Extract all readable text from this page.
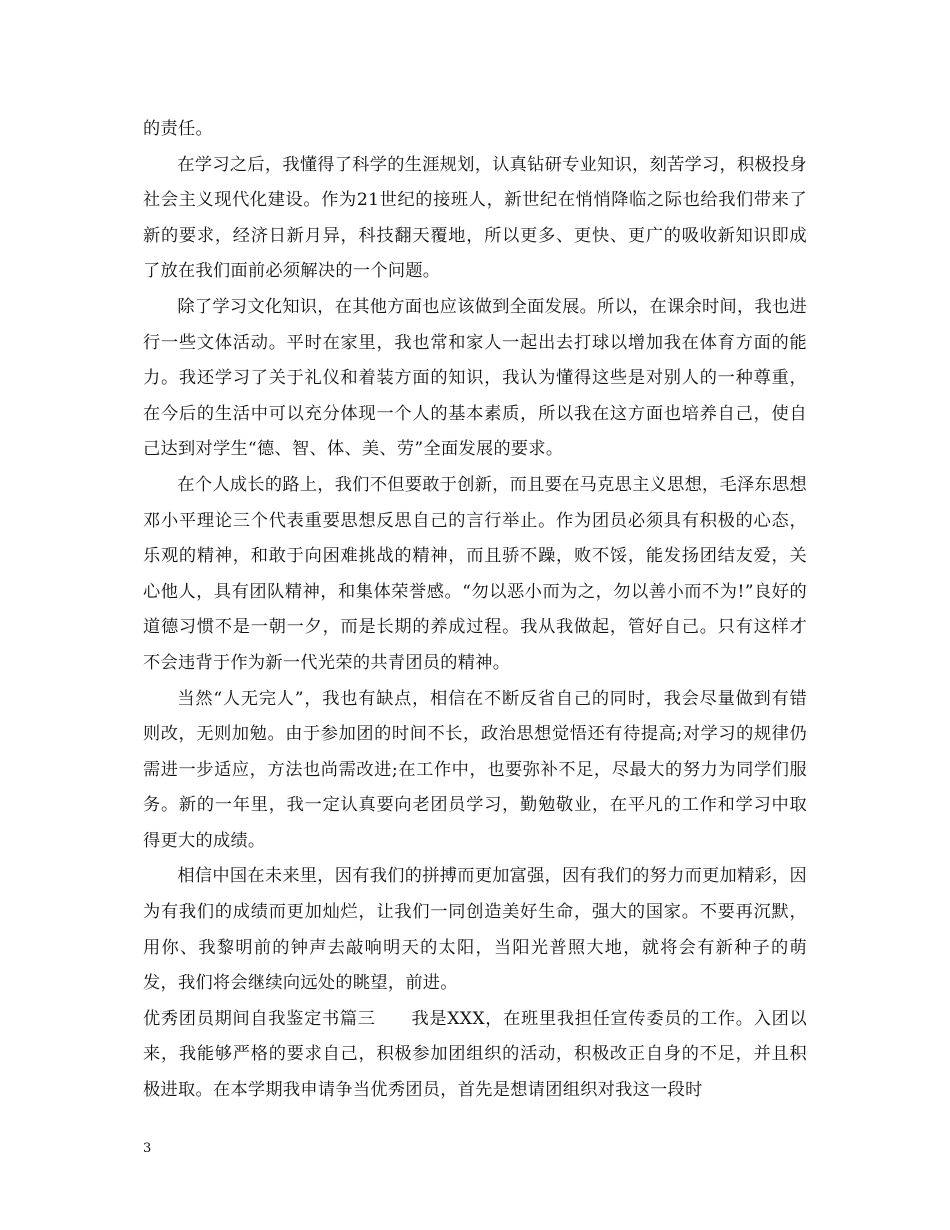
的责任。

在学习之后，我懂得了科学的生涯规划，认真钻研专业知识，刻苦学习，积极投身社会主义现代化建设。作为21世纪的接班人，新世纪在悄悄降临之际也给我们带来了新的要求，经济日新月异，科技翻天覆地，所以更多、更快、更广的吸收新知识即成了放在我们面前必须解决的一个问题。

除了学习文化知识，在其他方面也应该做到全面发展。所以，在课余时间，我也进行一些文体活动。平时在家里，我也常和家人一起出去打球以增加我在体育方面的能力。我还学习了关于礼仪和着装方面的知识，我认为懂得这些是对别人的一种尊重，在今后的生活中可以充分体现一个人的基本素质，所以我在这方面也培养自己，使自己达到对学生“德、智、体、美、劳”全面发展的要求。

在个人成长的路上，我们不但要敢于创新，而且要在马克思主义思想，毛泽东思想邓小平理论三个代表重要思想反思自己的言行举止。作为团员必须具有积极的心态，乐观的精神，和敢于向困难挑战的精神，而且骄不躁，败不馁，能发扬团结友爱，关心他人，具有团队精神，和集体荣誉感。“勿以恶小而为之，勿以善小而不为!”良好的道德习惯不是一朝一夕，而是长期的养成过程。我从我做起，管好自己。只有这样才不会违背于作为新一代光荣的共青团员的精神。

当然“人无完人”，我也有缺点，相信在不断反省自己的同时，我会尽量做到有错则改，无则加勉。由于参加团的时间不长，政治思想觉悟还有待提高;对学习的规律仍需进一步适应，方法也尚需改进;在工作中，也要弥补不足，尽最大的努力为同学们服务。新的一年里，我一定认真要向老团员学习，勤勉敬业，在平凡的工作和学习中取得更大的成绩。

相信中国在未来里，因有我们的拼搏而更加富强，因有我们的努力而更加精彩，因为有我们的成绩而更加灿烂，让我们一同创造美好生命，强大的国家。不要再沉默，用你、我黎明前的钟声去敲响明天的太阳，当阳光普照大地，就将会有新种子的萌发，我们将会继续向远处的眺望，前进。

优秀团员期间自我鉴定书篇三　　我是XXX，在班里我担任宣传委员的工作。入团以来，我能够严格的要求自己，积极参加团组织的活动，积极改正自身的不足，并且积极进取。在本学期我申请争当优秀团员，首先是想请团组织对我这一段时

3
